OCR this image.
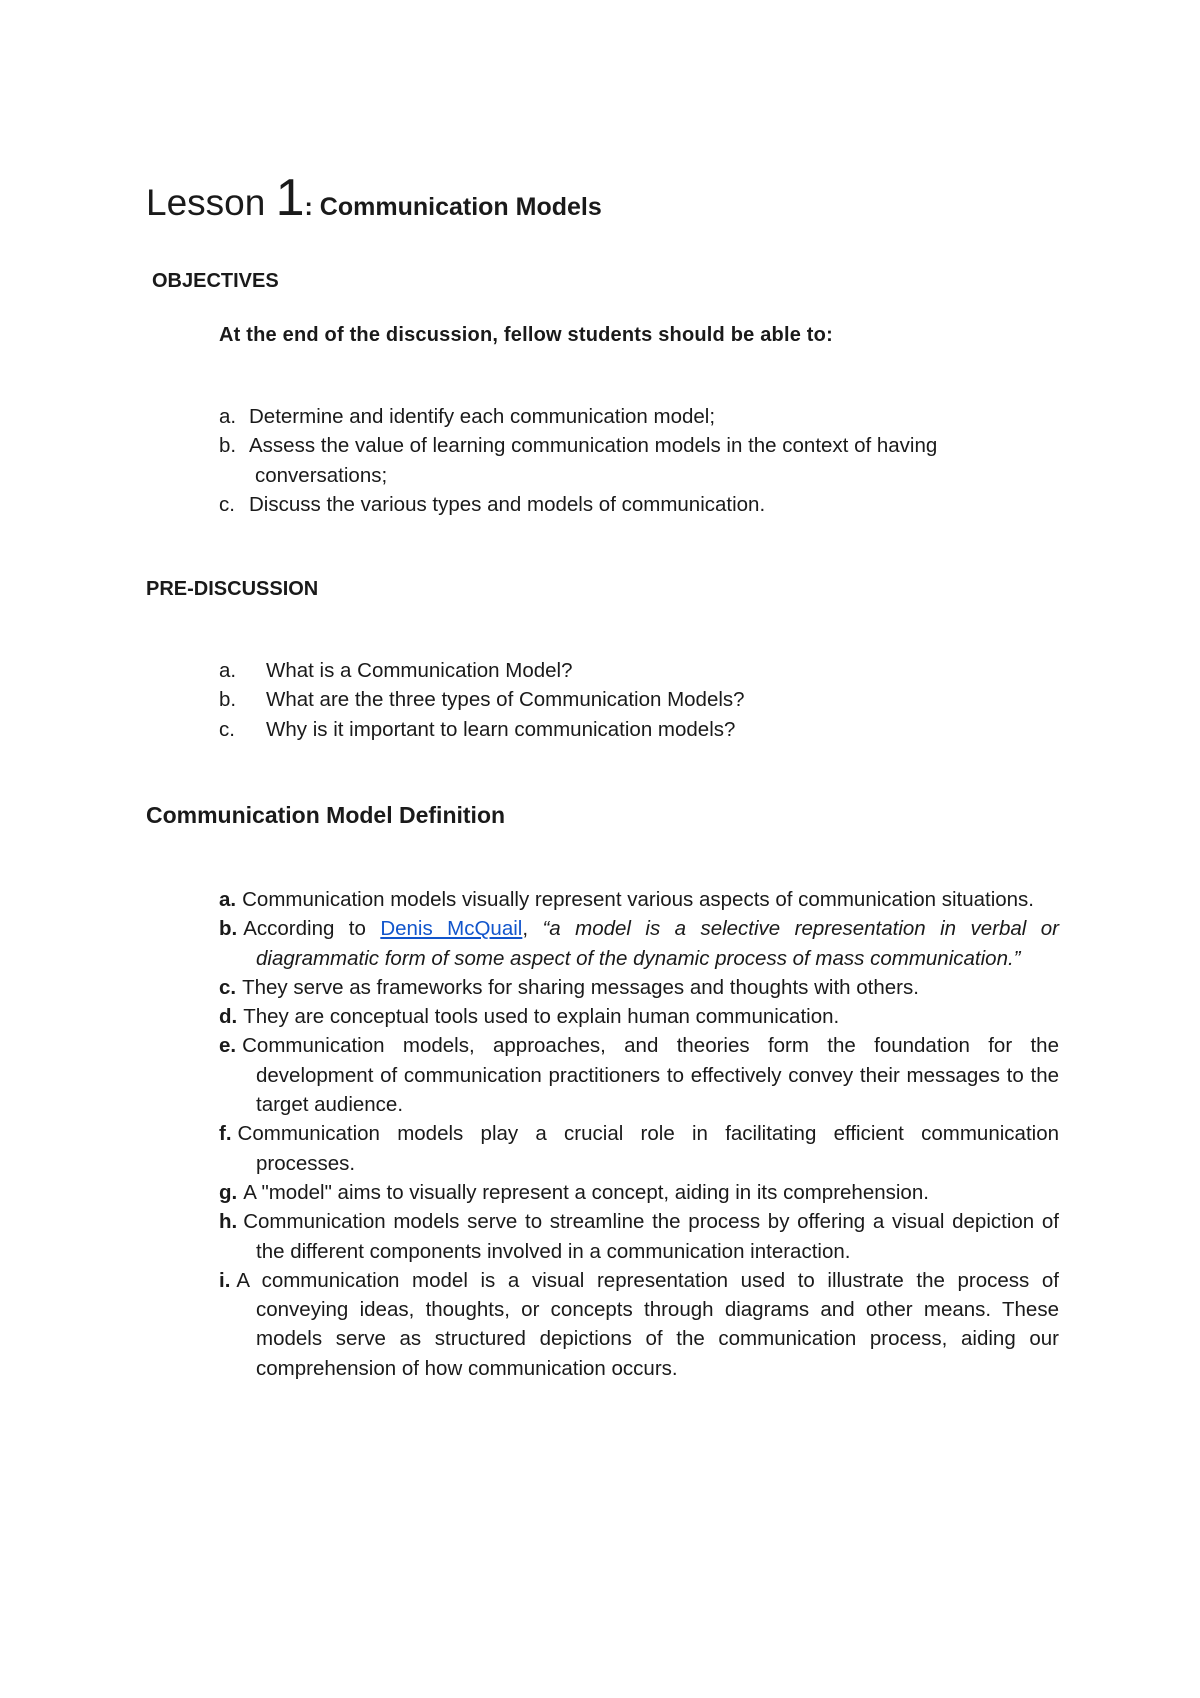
Lesson 1: Communication Models
OBJECTIVES
At the end of the discussion, fellow students should be able to:
a. Determine and identify each communication model;
b. Assess the value of learning communication models in the context of having
conversations;
c. Discuss the various types and models of communication.
PRE-DISCUSSION
a. What is a Communication Model?
b. What are the three types of Communication Models?
c. Why is it important to learn communication models?
Communication Model Definition
a. Communication models visually represent various aspects of communication situations.
b. According to Denis McQuail, “a model is a selective representation in verbal or diagrammatic form of some aspect of the dynamic process of mass communication.”
c. They serve as frameworks for sharing messages and thoughts with others.
d. They are conceptual tools used to explain human communication.
e. Communication models, approaches, and theories form the foundation for the development of communication practitioners to effectively convey their messages to the target audience.
f. Communication models play a crucial role in facilitating efficient communication processes.
g. A "model" aims to visually represent a concept, aiding in its comprehension.
h. Communication models serve to streamline the process by offering a visual depiction of the different components involved in a communication interaction.
i. A communication model is a visual representation used to illustrate the process of conveying ideas, thoughts, or concepts through diagrams and other means. These models serve as structured depictions of the communication process, aiding our comprehension of how communication occurs.
